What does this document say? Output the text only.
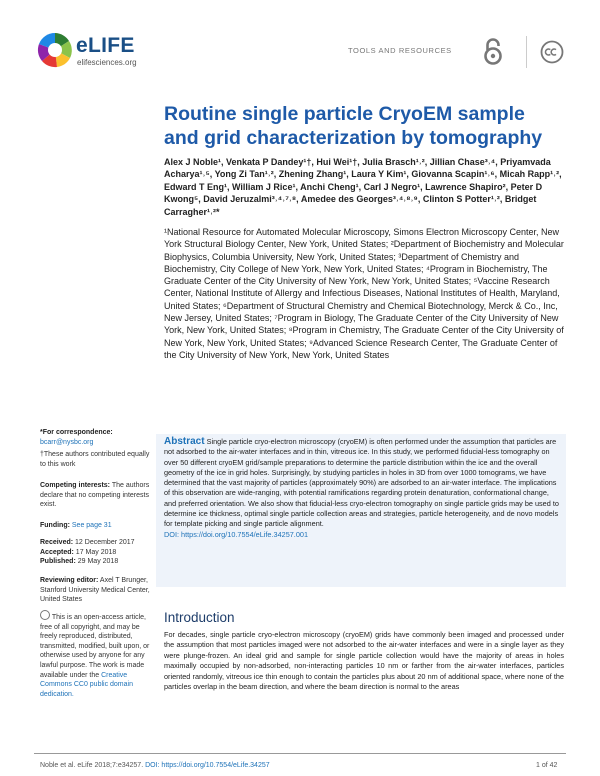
eLIFE
elifesciences.org
TOOLS AND RESOURCES
Routine single particle CryoEM sample and grid characterization by tomography
Alex J Noble¹, Venkata P Dandey¹†, Hui Wei¹†, Julia Brasch¹˒², Jillian Chase³˒⁴, Priyamvada Acharya¹˒⁵, Yong Zi Tan¹˒², Zhening Zhang¹, Laura Y Kim¹, Giovanna Scapin¹˒⁶, Micah Rapp¹˒², Edward T Eng¹, William J Rice¹, Anchi Cheng¹, Carl J Negro¹, Lawrence Shapiro², Peter D Kwong⁵, David Jeruzalmi³˒⁴˒⁷˒⁸, Amedee des Georges³˒⁴˒⁸˒⁹, Clinton S Potter¹˒², Bridget Carragher¹˒²*
¹National Resource for Automated Molecular Microscopy, Simons Electron Microscopy Center, New York Structural Biology Center, New York, United States; ²Department of Biochemistry and Molecular Biophysics, Columbia University, New York, United States; ³Department of Chemistry and Biochemistry, City College of New York, New York, United States; ⁴Program in Biochemistry, The Graduate Center of the City University of New York, New York, United States; ⁵Vaccine Research Center, National Institute of Allergy and Infectious Diseases, National Institutes of Health, Maryland, United States; ⁶Department of Structural Chemistry and Chemical Biotechnology, Merck & Co., Inc, New Jersey, United States; ⁷Program in Biology, The Graduate Center of the City University of New York, New York, United States; ⁸Program in Chemistry, The Graduate Center of the City University of New York, New York, United States; ⁹Advanced Science Research Center, The Graduate Center of the City University of New York, New York, United States
*For correspondence:
bcarr@nysbc.org
†These authors contributed equally to this work
Competing interests: The authors declare that no competing interests exist.
Funding: See page 31
Received: 12 December 2017
Accepted: 17 May 2018
Published: 29 May 2018
Reviewing editor: Axel T Brunger, Stanford University Medical Center, United States
This is an open-access article, free of all copyright, and may be freely reproduced, distributed, transmitted, modified, built upon, or otherwise used by anyone for any lawful purpose. The work is made available under the Creative Commons CC0 public domain dedication.
Abstract Single particle cryo-electron microscopy (cryoEM) is often performed under the assumption that particles are not adsorbed to the air-water interfaces and in thin, vitreous ice. In this study, we performed fiducial-less tomography on over 50 different cryoEM grid/sample preparations to determine the particle distribution within the ice and the overall geometry of the ice in grid holes. Surprisingly, by studying particles in holes in 3D from over 1000 tomograms, we have determined that the vast majority of particles (approximately 90%) are adsorbed to an air-water interface. The implications of this observation are wide-ranging, with potential ramifications regarding protein denaturation, conformational change, and preferred orientation. We also show that fiducial-less cryo-electron tomography on single particle grids may be used to determine ice thickness, optimal single particle collection areas and strategies, particle heterogeneity, and de novo models for template picking and single particle alignment.
DOI: https://doi.org/10.7554/eLife.34257.001
Introduction
For decades, single particle cryo-electron microscopy (cryoEM) grids have commonly been imaged and processed under the assumption that most particles imaged were not adsorbed to the air-water interfaces and were in a single layer as they were plunge-frozen. An ideal grid and sample for single particle collection would have the majority of areas in holes maximally occupied by non-adsorbed, non-interacting particles 10 nm or farther from the air-water interfaces, particles oriented randomly, vitreous ice thin enough to contain the particles plus about 20 nm of additional space, where none of the particles overlap in the beam direction, and where the beam direction is normal to the areas
Noble et al. eLife 2018;7:e34257. DOI: https://doi.org/10.7554/eLife.34257	1 of 42
